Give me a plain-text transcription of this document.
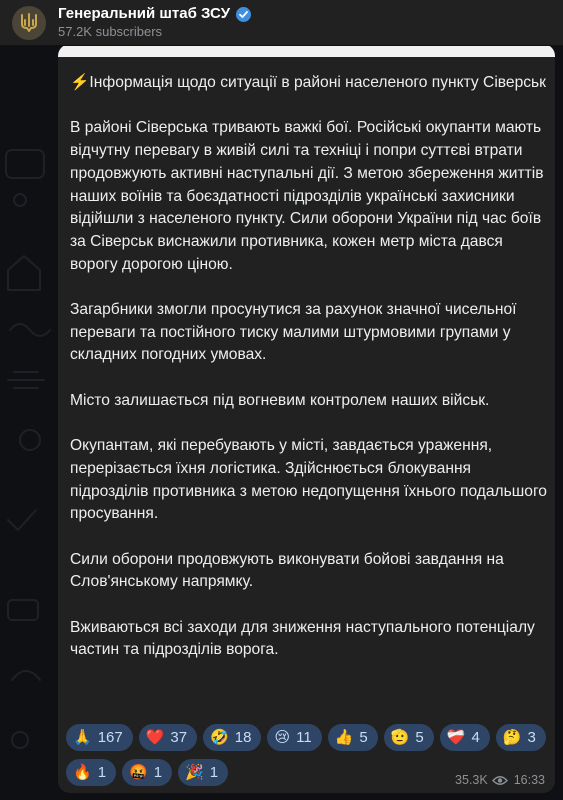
Генеральний штаб ЗСУ
57.2K subscribers

⚡️Інформація щодо ситуації в районі населеного пункту Сіверськ

В районі Сіверська тривають важкі бої. Російські окупанти мають відчутну перевагу в живій силі та техніці і попри суттєві втрати продовжують активні наступальні дії. З метою збереження життів наших воїнів та боєздатності підрозділів українські захисники відійшли з населеного пункту. Сили оборони України під час боїв за Сіверськ виснажили противника, кожен метр міста дався ворогу дорогою ціною.

Загарбники змогли просунутися за рахунок значної чисельної переваги та постійного тиску малими штурмовими групами у складних погодних умовах.

Місто залишається під вогневим контролем наших військ.

Окупантам, які перебувають у місті, завдається ураження, перерізається їхня логістика. Здійснюється блокування підрозділів противника з метою недопущення їхнього подальшого просування.

Сили оборони продовжують виконувати бойові завдання на Слов'янському напрямку.

Вживаються всі заходи для зниження наступального потенціалу частин та підрозділів ворога.

🙏 167 ❤️ 37 🤣 18 😢 11 👍 5 🫡 5 ❤️‍🩹 4 🤔 3
🔥 1 🤬 1 🎉 1	35.3K 16:33
